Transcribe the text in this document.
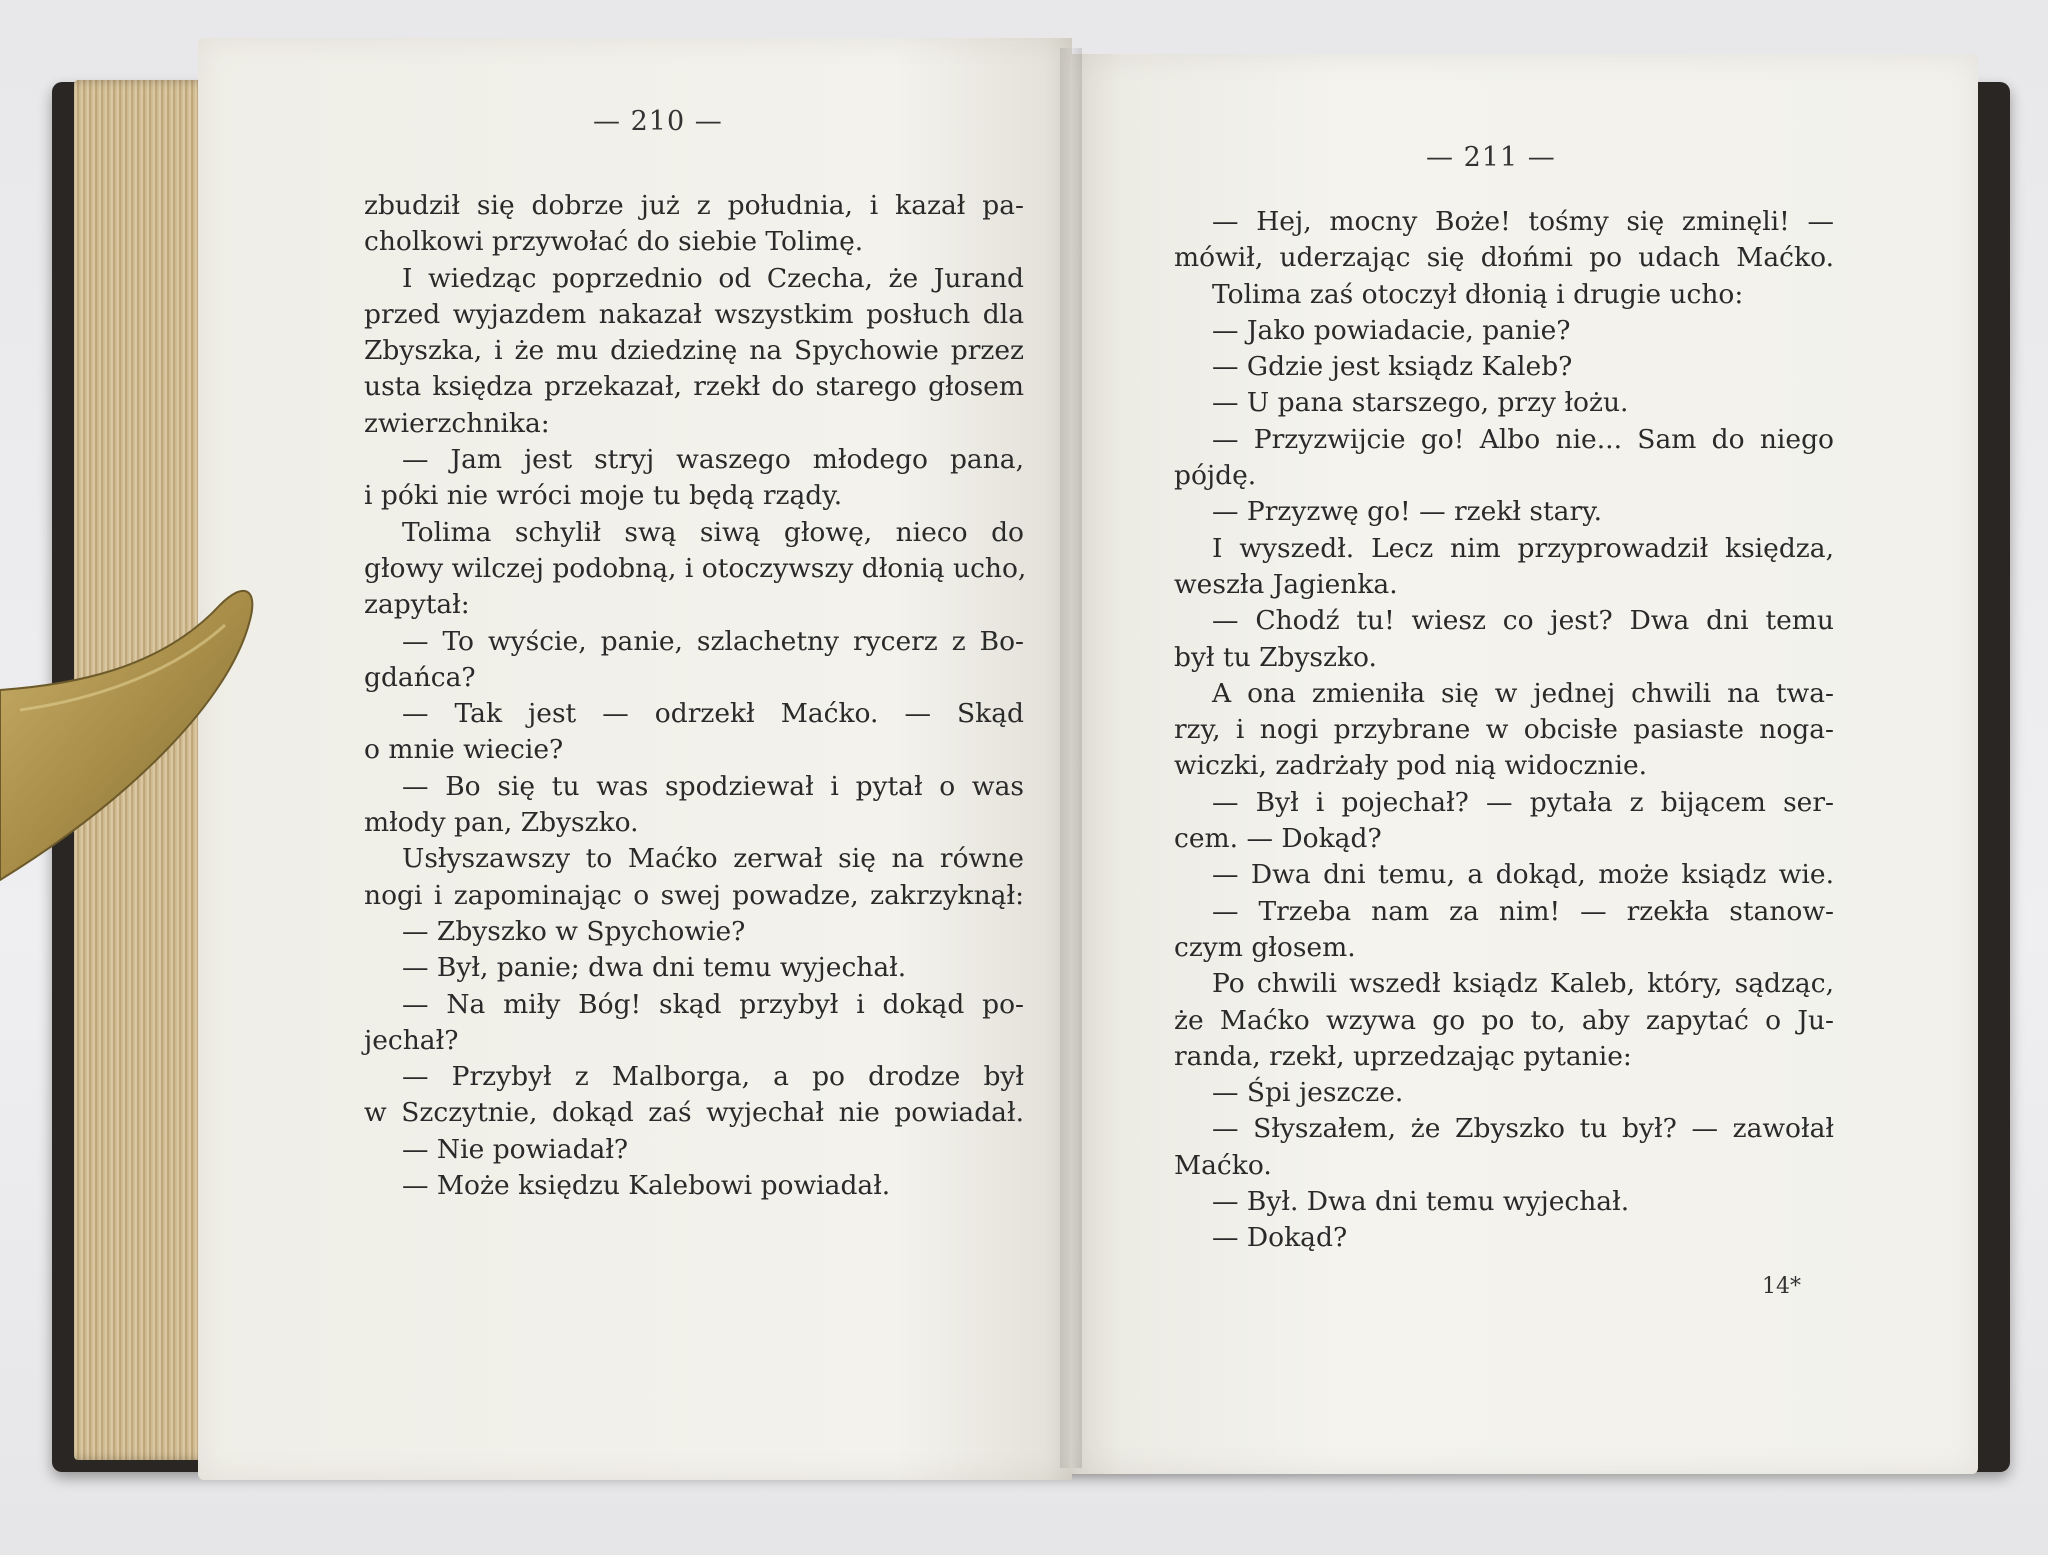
— 210 —
zbudził się dobrze już z południa, i kazał pa-
cholkowi przywołać do siebie Tolimę.
I wiedząc poprzednio od Czecha, że Jurand
przed wyjazdem nakazał wszystkim posłuch dla
Zbyszka, i że mu dziedzinę na Spychowie przez
usta księdza przekazał, rzekł do starego głosem
zwierzchnika:
— Jam jest stryj waszego młodego pana,
i póki nie wróci moje tu będą rządy.
Tolima schylił swą siwą głowę, nieco do
głowy wilczej podobną, i otoczywszy dłonią ucho,
zapytał:
— To wyście, panie, szlachetny rycerz z Bo-
gdańca?
— Tak jest — odrzekł Maćko. — Skąd
o mnie wiecie?
— Bo się tu was spodziewał i pytał o was
młody pan, Zbyszko.
Usłyszawszy to Maćko zerwał się na równe
nogi i zapominając o swej powadze, zakrzyknął:
— Zbyszko w Spychowie?
— Był, panie; dwa dni temu wyjechał.
— Na miły Bóg! skąd przybył i dokąd po-
jechał?
— Przybył z Malborga, a po drodze był
w Szczytnie, dokąd zaś wyjechał nie powiadał.
— Nie powiadał?
— Może księdzu Kalebowi powiadał.
— 211 —
— Hej, mocny Boże! tośmy się zminęli! —
mówił, uderzając się dłońmi po udach Maćko.
Tolima zaś otoczył dłonią i drugie ucho:
— Jako powiadacie, panie?
— Gdzie jest ksiądz Kaleb?
— U pana starszego, przy łożu.
— Przyzwijcie go! Albo nie... Sam do niego
pójdę.
— Przyzwę go! — rzekł stary.
I wyszedł. Lecz nim przyprowadził księdza,
weszła Jagienka.
— Chodź tu! wiesz co jest? Dwa dni temu
był tu Zbyszko.
A ona zmieniła się w jednej chwili na twa-
rzy, i nogi przybrane w obcisłe pasiaste noga-
wiczki, zadrżały pod nią widocznie.
— Był i pojechał? — pytała z bijącem ser-
cem. — Dokąd?
— Dwa dni temu, a dokąd, może ksiądz wie.
— Trzeba nam za nim! — rzekła stanow-
czym głosem.
Po chwili wszedł ksiądz Kaleb, który, sądząc,
że Maćko wzywa go po to, aby zapytać o Ju-
randa, rzekł, uprzedzając pytanie:
— Śpi jeszcze.
— Słyszałem, że Zbyszko tu był? — zawołał
Maćko.
— Był. Dwa dni temu wyjechał.
— Dokąd?
14*
